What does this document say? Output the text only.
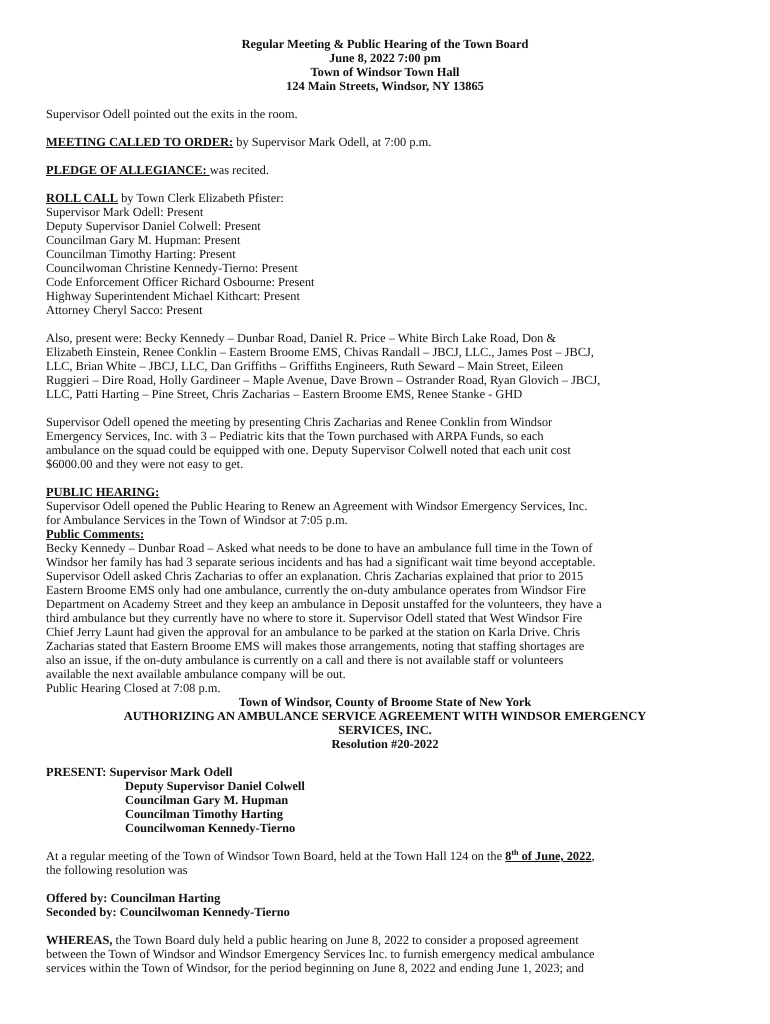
Regular Meeting & Public Hearing of the Town Board

June 8, 2022 7:00 pm

Town of Windsor Town Hall

124 Main Streets, Windsor, NY 13865

Supervisor Odell pointed out the exits in the room.

MEETING CALLED TO ORDER: by Supervisor Mark Odell, at 7:00 p.m.

PLEDGE OF ALLEGIANCE: was recited.

ROLL CALL by Town Clerk Elizabeth Pfister:

Supervisor Mark Odell: Present

Deputy Supervisor Daniel Colwell: Present

Councilman Gary M. Hupman: Present

Councilman Timothy Harting: Present

Councilwoman Christine Kennedy-Tierno: Present

Code Enforcement Officer Richard Osbourne: Present

Highway Superintendent Michael Kithcart: Present

Attorney Cheryl Sacco: Present

Also, present were: Becky Kennedy – Dunbar Road, Daniel R. Price – White Birch Lake Road, Don &

Elizabeth Einstein, Renee Conklin – Eastern Broome EMS, Chivas Randall – JBCJ, LLC., James Post – JBCJ,

LLC, Brian White – JBCJ, LLC, Dan Griffiths – Griffiths Engineers, Ruth Seward – Main Street, Eileen

Ruggieri – Dire Road, Holly Gardineer – Maple Avenue, Dave Brown – Ostrander Road, Ryan Glovich – JBCJ,

LLC, Patti Harting – Pine Street, Chris Zacharias – Eastern Broome EMS, Renee Stanke - GHD

Supervisor Odell opened the meeting by presenting Chris Zacharias and Renee Conklin from Windsor

Emergency Services, Inc. with 3 – Pediatric kits that the Town purchased with ARPA Funds, so each

ambulance on the squad could be equipped with one. Deputy Supervisor Colwell noted that each unit cost

$6000.00 and they were not easy to get.

PUBLIC HEARING:

Supervisor Odell opened the Public Hearing to Renew an Agreement with Windsor Emergency Services, Inc.

for Ambulance Services in the Town of Windsor at 7:05 p.m.

Public Comments:

Becky Kennedy – Dunbar Road – Asked what needs to be done to have an ambulance full time in the Town of

Windsor her family has had 3 separate serious incidents and has had a significant wait time beyond acceptable.

Supervisor Odell asked Chris Zacharias to offer an explanation. Chris Zacharias explained that prior to 2015

Eastern Broome EMS only had one ambulance, currently the on-duty ambulance operates from Windsor Fire

Department on Academy Street and they keep an ambulance in Deposit unstaffed for the volunteers, they have a

third ambulance but they currently have no where to store it. Supervisor Odell stated that West Windsor Fire

Chief Jerry Launt had given the approval for an ambulance to be parked at the station on Karla Drive. Chris

Zacharias stated that Eastern Broome EMS will makes those arrangements, noting that staffing shortages are

also an issue, if the on-duty ambulance is currently on a call and there is not available staff or volunteers

available the next available ambulance company will be out.

Public Hearing Closed at 7:08 p.m.

Town of Windsor, County of Broome State of New York

AUTHORIZING AN AMBULANCE SERVICE AGREEMENT WITH WINDSOR EMERGENCY

SERVICES, INC.

Resolution #20-2022

PRESENT: Supervisor Mark Odell

Deputy Supervisor Daniel Colwell

Councilman Gary M. Hupman

Councilman Timothy Harting

Councilwoman Kennedy-Tierno

At a regular meeting of the Town of Windsor Town Board, held at the Town Hall 124 on the 8th of June, 2022,

the following resolution was

Offered by: Councilman Harting

Seconded by: Councilwoman Kennedy-Tierno

WHEREAS, the Town Board duly held a public hearing on June 8, 2022 to consider a proposed agreement

between the Town of Windsor and Windsor Emergency Services Inc. to furnish emergency medical ambulance

services within the Town of Windsor, for the period beginning on June 8, 2022 and ending June 1, 2023; and
